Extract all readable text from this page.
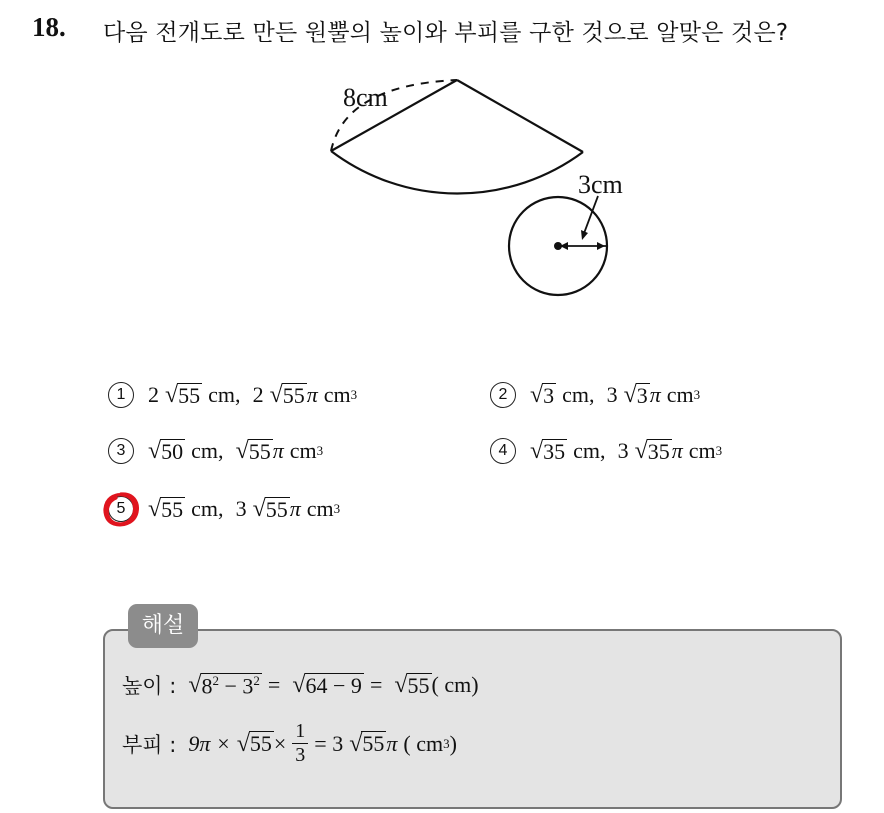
18. 다음 전개도로 만든 원뿔의 높이와 부피를 구한 것으로 알맞은 것은?
8cm
3cm
1	2 √ 55 cm, 2 √ 55 π cm 3	2 √ 3 cm, 3 √ 3 π cm 3
3 √ 50 cm, √ 55 π cm 3	4 √ 35 cm, 3 √ 35 π cm 3
5 √ 55 cm, 3 √ 55 π cm 3
해설
높이 : √ $8^2 - 3^2$ = √ 64 − 9 = √ 55 ( cm)
부피 : 9π × √ $55 \times \frac{1}{3} = 3$ √ 55 π ( cm 3 )
